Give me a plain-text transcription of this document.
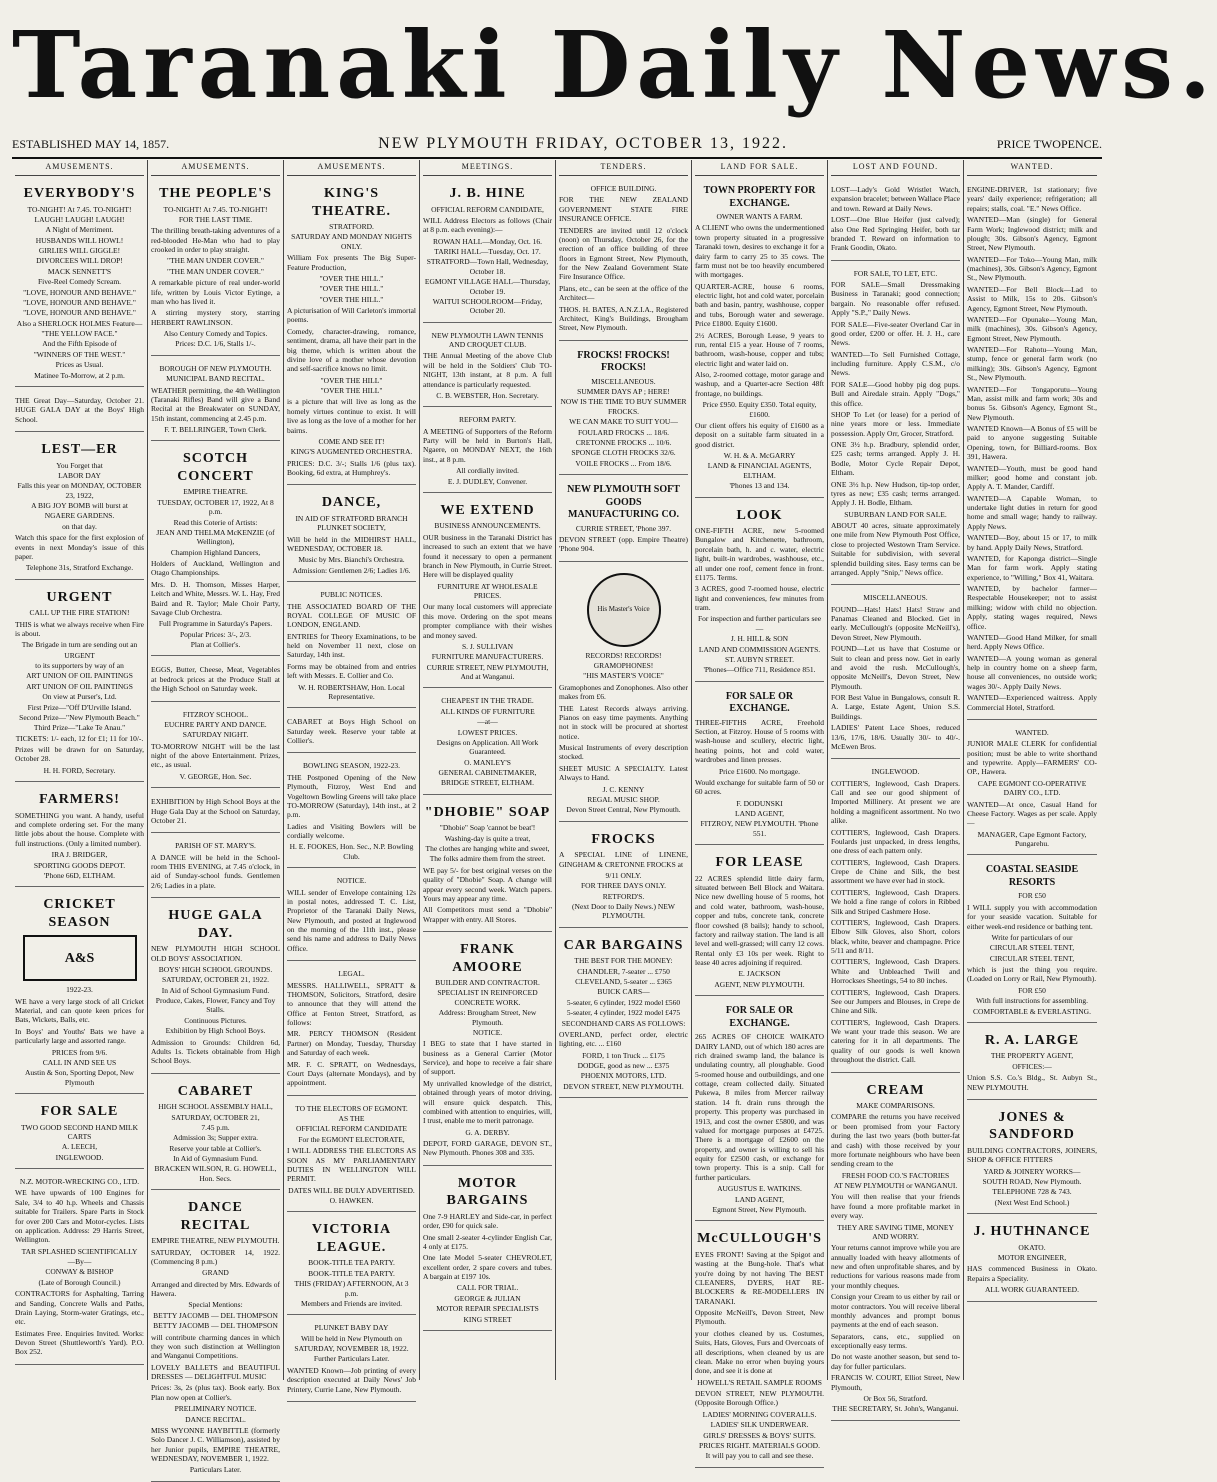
Taranaki Daily News.
ESTABLISHED MAY 14, 1857.	NEW PLYMOUTH FRIDAY, OCTOBER 13, 1922.	PRICE TWOPENCE.
AMUSEMENTS.
EVERYBODY'S
TO-NIGHT! At 7.45. TO-NIGHT!
LAUGH! LAUGH! LAUGH!
A Night of Merriment.
HUSBANDS WILL HOWL!
GIRLIES WILL GIGGLE!
DIVORCEES WILL DROP!
MACK SENNETT'S
Five-Reel Comedy Scream.
"LOVE, HONOUR AND BEHAVE."
"LOVE, HONOUR AND BEHAVE."
"LOVE, HONOUR AND BEHAVE."
Also a SHERLOCK HOLMES Feature—
"THE YELLOW FACE."
And the Fifth Episode of
"WINNERS OF THE WEST."
Prices as Usual.
Matinee To-Morrow, at 2 p.m.
THE Great Day—Saturday, October 21. HUGE GALA DAY at the Boys' High School.
LEST—ER
You Forget that
LABOR DAY
Falls this year on MONDAY, OCTOBER 23, 1922,
A BIG JOY BOMB will burst at
NGAERE GARDENS.
on that day.
Watch this space for the first explosion of events in next Monday's issue of this paper.
Telephone 31s, Stratford Exchange.
URGENT
CALL UP THE FIRE STATION!
THIS is what we always receive when Fire is about.
The Brigade in turn are sending out an
URGENT
to its supporters by way of an
ART UNION OF OIL PAINTINGS
ART UNION OF OIL PAINTINGS
On view at Purser's, Ltd.
First Prize—"Off D'Urville Island.
Second Prize—"New Plymouth Beach."
Third Prize—"Lake Te Anau."
TICKETS: 1/- each, 12 for £1; 11 for 10/-.
Prizes will be drawn for on Saturday, October 28.
H. H. FORD, Secretary.
FARMERS!
SOMETHING you want. A handy, useful and complete ordering set. For the many little jobs about the house. Complete with full instructions. (Only a limited number).
IRA J. BRIDGER,
SPORTING GOODS DEPOT.
'Phone 66D, ELTHAM.
CRICKET SEASON
A&S
1922-23.
WE have a very large stock of all Cricket Material, and can quote keen prices for Bats, Wickets, Balls, etc.
In Boys' and Youths' Bats we have a particularly large and assorted range.
PRICES from 9/6.
CALL IN AND SEE US
Austin & Son, Sporting Depot, New Plymouth
FOR SALE
TWO GOOD SECOND HAND MILK CARTS
A. LEECH,
INGLEWOOD.
N.Z. MOTOR-WRECKING CO., LTD.
WE have upwards of 100 Engines for Sale, 3/4 to 40 h.p. Wheels and Chassis suitable for Trailers. Spare Parts in Stock for over 200 Cars and Motor-cycles. Lists on application. Address: 29 Harris Street, Wellington.
TAR SPLASHED SCIENTIFICALLY
—By—
CONWAY & BISHOP
(Late of Borough Council.)
CONTRACTORS for Asphalting, Tarring and Sanding, Concrete Walls and Paths, Drain Laying, Storm-water Gratings, etc., etc.
Estimates Free. Enquiries Invited. Works: Devon Street (Shuttleworth's Yard). P.O. Box 252.
AMUSEMENTS.
THE PEOPLE'S
TO-NIGHT! At 7.45. TO-NIGHT!
FOR THE LAST TIME.
The thrilling breath-taking adventures of a red-blooded He-Man who had to play crooked in order to play straight.
"THE MAN UNDER COVER."
"THE MAN UNDER COVER."
A remarkable picture of real under-world life, written by Louis Victor Eytinge, a man who has lived it.
A stirring mystery story, starring HERBERT RAWLINSON.
Also Century Comedy and Topics.
Prices: D.C. 1/6, Stalls 1/-.
BOROUGH OF NEW PLYMOUTH.
MUNICIPAL BAND RECITAL.
WEATHER permitting, the 4th Wellington (Taranaki Rifles) Band will give a Band Recital at the Breakwater on SUNDAY, 15th instant, commencing at 2.45 p.m.
F. T. BELLRINGER, Town Clerk.
SCOTCH CONCERT
EMPIRE THEATRE.
TUESDAY, OCTOBER 17, 1922, At 8 p.m.
Read this Coterie of Artists:
JEAN AND THELMA McKENZIE (of Wellington),
Champion Highland Dancers,
Holders of Auckland, Wellington and Otago Championships.
Mrs. D. H. Thomson, Misses Harper, Leitch and White, Messrs. W. L. Hay, Fred Baird and R. Taylor; Male Choir Party, Savage Club Orchestra.
Full Programme in Saturday's Papers.
Popular Prices: 3/-, 2/3.
Plan at Collier's.
EGGS, Butter, Cheese, Meat, Vegetables at bedrock prices at the Produce Stall at the High School on Saturday week.
FITZROY SCHOOL.
EUCHRE PARTY AND DANCE.
SATURDAY NIGHT.
TO-MORROW NIGHT will be the last night of the above Entertainment. Prizes, etc., as usual.
V. GEORGE, Hon. Sec.
EXHIBITION by High School Boys at the Huge Gala Day at the School on Saturday, October 21.
PARISH OF ST. MARY'S.
A DANCE will be held in the School-room THIS EVENING, at 7.45 o'clock, in aid of Sunday-school funds. Gentlemen 2/6; Ladies in a plate.
HUGE GALA DAY.
NEW PLYMOUTH HIGH SCHOOL OLD BOYS' ASSOCIATION.
BOYS' HIGH SCHOOL GROUNDS.
SATURDAY, OCTOBER 21, 1922.
In Aid of School Gymnasium Fund.
Produce, Cakes, Flower, Fancy and Toy Stalls.
Continuous Pictures.
Exhibition by High School Boys.
Admission to Grounds: Children 6d, Adults 1s. Tickets obtainable from High School Boys.
CABARET
HIGH SCHOOL ASSEMBLY HALL,
SATURDAY, OCTOBER 21,
7.45 p.m.
Admission 3s; Supper extra.
Reserve your table at Collier's.
In Aid of Gymnasium Fund.
BRACKEN WILSON, R. G. HOWELL, Hon. Secs.
DANCE RECITAL
EMPIRE THEATRE, NEW PLYMOUTH.
SATURDAY, OCTOBER 14, 1922. (Commencing 8 p.m.)
GRAND
Arranged and directed by Mrs. Edwards of Hawera.
Special Mentions:
BETTY JACOMB — DEL THOMPSON
BETTY JACOMB — DEL THOMPSON
will contribute charming dances in which they won such distinction at Wellington and Wanganui Competitions.
LOVELY BALLETS and BEAUTIFUL DRESSES — DELIGHTFUL MUSIC
Prices: 3s, 2s (plus tax). Book early. Box Plan now open at Collier's.
PRELIMINARY NOTICE.
DANCE RECITAL.
MISS WYONNE HAYBITTLE (formerly Solo Dancer J. C. Williamson), assisted by her Junior pupils, EMPIRE THEATRE, WEDNESDAY, NOVEMBER 1, 1922.
Particulars Later.
AMUSEMENTS.
KING'S THEATRE.
STRATFORD.
SATURDAY AND MONDAY NIGHTS ONLY.
William Fox presents The Big Super-Feature Production,
"OVER THE HILL."
"OVER THE HILL."
"OVER THE HILL."
A picturisation of Will Carleton's immortal poems.
Comedy, character-drawing, romance, sentiment, drama, all have their part in the big theme, which is written about the divine love of a mother whose devotion and self-sacrifice knows no limit.
"OVER THE HILL"
"OVER THE HILL"
is a picture that will live as long as the homely virtues continue to exist. It will live as long as the love of a mother for her bairns.
COME AND SEE IT!
KING'S AUGMENTED ORCHESTRA.
PRICES: D.C. 3/-; Stalls 1/6 (plus tax). Booking, 6d extra, at Humphrey's.
DANCE,
IN AID OF STRATFORD BRANCH PLUNKET SOCIETY,
Will be held in the MIDHIRST HALL, WEDNESDAY, OCTOBER 18.
Music by Mrs. Bianchi's Orchestra.
Admission: Gentlemen 2/6; Ladies 1/6.
PUBLIC NOTICES.
THE ASSOCIATED BOARD OF THE ROYAL COLLEGE OF MUSIC OF LONDON, ENGLAND.
ENTRIES for Theory Examinations, to be held on November 11 next, close on Saturday, 14th inst.
Forms may be obtained from and entries left with Messrs. E. Collier and Co.
W. H. ROBERTSHAW, Hon. Local Representative.
CABARET at Boys High School on Saturday week. Reserve your table at Collier's.
BOWLING SEASON, 1922-23.
THE Postponed Opening of the New Plymouth, Fitzroy, West End and Vogeltown Bowling Greens will take place TO-MORROW (Saturday), 14th inst., at 2 p.m.
Ladies and Visiting Bowlers will be cordially welcome.
H. E. FOOKES, Hon. Sec., N.P. Bowling Club.
NOTICE.
WILL sender of Envelope containing 12s in postal notes, addressed T. C. List, Proprietor of the Taranaki Daily News, New Plymouth, and posted at Inglewood on the morning of the 11th inst., please send his name and address to Daily News Office.
LEGAL.
MESSRS. HALLIWELL, SPRATT & THOMSON, Solicitors, Stratford, desire to announce that they will attend the Office at Fenton Street, Stratford, as follows:
MR. PERCY THOMSON (Resident Partner) on Monday, Tuesday, Thursday and Saturday of each week.
MR. F. C. SPRATT, on Wednesdays, Court Days (alternate Mondays), and by appointment.
TO THE ELECTORS OF EGMONT.
AS THE
OFFICIAL REFORM CANDIDATE
For the EGMONT ELECTORATE,
I WILL ADDRESS THE ELECTORS AS SOON AS MY PARLIAMENTARY DUTIES IN WELLINGTON WILL PERMIT.
DATES WILL BE DULY ADVERTISED.
O. HAWKEN.
VICTORIA LEAGUE.
BOOK-TITLE TEA PARTY.
BOOK-TITLE TEA PARTY.
THIS (FRIDAY) AFTERNOON, At 3 p.m.
Members and Friends are invited.
PLUNKET BABY DAY
Will be held in New Plymouth on
SATURDAY, NOVEMBER 18, 1922.
Further Particulars Later.
WANTED Known—Job printing of every description executed at Daily News' Job Printery, Currie Lane, New Plymouth.
MEETINGS.
J. B. HINE
OFFICIAL REFORM CANDIDATE,
WILL Address Electors as follows (Chair at 8 p.m. each evening):—
ROWAN HALL—Monday, Oct. 16.
TARIKI HALL—Tuesday, Oct. 17.
STRATFORD—Town Hall, Wednesday, October 18.
EGMONT VILLAGE HALL—Thursday, October 19.
WAITUI SCHOOLROOM—Friday, October 20.
NEW PLYMOUTH LAWN TENNIS AND CROQUET CLUB.
THE Annual Meeting of the above Club will be held in the Soldiers' Club TO-NIGHT, 13th instant, at 8 p.m. A full attendance is particularly requested.
C. B. WEBSTER, Hon. Secretary.
REFORM PARTY.
A MEETING of Supporters of the Reform Party will be held in Burton's Hall, Ngaere, on MONDAY NEXT, the 16th inst., at 8 p.m.
All cordially invited.
E. J. DUDLEY, Convener.
WE EXTEND
BUSINESS ANNOUNCEMENTS.
OUR business in the Taranaki District has increased to such an extent that we have found it necessary to open a permanent branch in New Plymouth, in Currie Street. Here will be displayed quality
FURNITURE AT WHOLESALE PRICES.
Our many local customers will appreciate this move. Ordering on the spot means prompter compliance with their wishes and money saved.
S. J. SULLIVAN
FURNITURE MANUFACTURERS.
CURRIE STREET, NEW PLYMOUTH, And at Wanganui.
CHEAPEST IN THE TRADE.
ALL KINDS OF FURNITURE
—at—
LOWEST PRICES.
Designs on Application. All Work Guaranteed.
O. MANLEY'S
GENERAL CABINETMAKER,
BRIDGE STREET, ELTHAM.
"DHOBIE" SOAP
"Dhobie" Soap 'cannot be beat'!
Washing-day is quite a treat,
The clothes are hanging white and sweet,
The folks admire them from the street.
WE pay 5/- for best original verses on the quality of "Dhobie" Soap. A change will appear every second week. Watch papers. Yours may appear any time.
All Competitors must send a "Dhobie" Wrapper with entry. All Stores.
FRANK AMOORE
BUILDER AND CONTRACTOR.
SPECIALIST IN REINFORCED CONCRETE WORK.
Address: Brougham Street, New Plymouth.
NOTICE.
I BEG to state that I have started in business as a General Carrier (Motor Service), and hope to receive a fair share of support.
My unrivalled knowledge of the district, obtained through years of motor driving, will ensure quick despatch. This, combined with attention to enquiries, will, I trust, enable me to merit patronage.
G. A. DERBY.
DEPOT, FORD GARAGE, DEVON ST., New Plymouth. Phones 308 and 335.
MOTOR BARGAINS
One 7-9 HARLEY and Side-car, in perfect order, £90 for quick sale.
One small 2-seater 4-cylinder English Car, 4 only at £175.
One late Model 5-seater CHEVROLET, excellent order, 2 spare covers and tubes. A bargain at £197 10s.
CALL FOR TRIAL.
GEORGE & JULIAN
MOTOR REPAIR SPECIALISTS
KING STREET
TENDERS.
OFFICE BUILDING.
FOR THE NEW ZEALAND GOVERNMENT STATE FIRE INSURANCE OFFICE.
TENDERS are invited until 12 o'clock (noon) on Thursday, October 26, for the erection of an office building of three floors in Egmont Street, New Plymouth, for the New Zealand Government State Fire Insurance Office.
Plans, etc., can be seen at the office of the Architect—
THOS. H. BATES, A.N.Z.I.A., Registered Architect, King's Buildings, Brougham Street, New Plymouth.
FROCKS! FROCKS! FROCKS!
MISCELLANEOUS.
SUMMER DAYS AP ; HERE!
NOW IS THE TIME TO BUY SUMMER FROCKS.
WE CAN MAKE TO SUIT YOU—
FOULARD FROCKS ... 18/6.
CRETONNE FROCKS ... 10/6.
SPONGE CLOTH FROCKS 32/6.
VOILE FROCKS ... From 18/6.
NEW PLYMOUTH SOFT GOODS MANUFACTURING CO.
CURRIE STREET, 'Phone 397.
DEVON STREET (opp. Empire Theatre) 'Phone 904.
His Master's Voice
RECORDS! RECORDS!
GRAMOPHONES!
"HIS MASTER'S VOICE"
Gramophones and Zonophones. Also other makes from £6.
THE Latest Records always arriving. Pianos on easy time payments. Anything not in stock will be procured at shortest notice.
Musical Instruments of every description stocked.
SHEET MUSIC A SPECIALTY. Latest Always to Hand.
J. C. KENNY
REGAL MUSIC SHOP.
Devon Street Central, New Plymouth.
FROCKS
A SPECIAL LINE of LINENE, GINGHAM & CRETONNE FROCKS at
9/11 ONLY.
FOR THREE DAYS ONLY.
RETFORD'S.
(Next Door to Daily News.) NEW PLYMOUTH.
CAR BARGAINS
THE BEST FOR THE MONEY:
CHANDLER, 7-seater ... £750
CLEVELAND, 5-seater ... £365
BUICK CARS—
5-seater, 6 cylinder, 1922 model £560
5-seater, 4 cylinder, 1922 model £475
SECONDHAND CARS AS FOLLOWS:
OVERLAND, perfect order, electric lighting, etc. ... £160
FORD, 1 ton Truck ... £175
DODGE, good as new ... £375
PHOENIX MOTORS, LTD.
DEVON STREET, NEW PLYMOUTH.
LAND FOR SALE.
TOWN PROPERTY FOR EXCHANGE.
OWNER WANTS A FARM.
A CLIENT who owns the undermentioned town property situated in a progressive Taranaki town, desires to exchange it for a dairy farm to carry 25 to 35 cows. The farm must not be too heavily encumbered with mortgages.
QUARTER-ACRE, house 6 rooms, electric light, hot and cold water, porcelain bath and basin, pantry, washhouse, copper and tubs, Borough water and sewerage. Price £1800. Equity £1600.
2½ ACRES, Borough Lease, 9 years to run, rental £15 a year. House of 7 rooms, bathroom, wash-house, copper and tubs; electric light and water laid on.
Also, 2-roomed cottage, motor garage and washup, and a Quarter-acre Section 48ft frontage, no buildings.
Price £950. Equity £350. Total equity, £1600.
Our client offers his equity of £1600 as a deposit on a suitable farm situated in a good district.
W. H. & A. McGARRY
LAND & FINANCIAL AGENTS, ELTHAM.
'Phones 13 and 134.
LOOK
ONE-FIFTH ACRE, new 5-roomed Bungalow and Kitchenette, bathroom, porcelain bath, h. and c. water, electric light, built-in wardrobes, washhouse, etc., all under one roof, cement fence in front. £1175. Terms.
3 ACRES, good 7-roomed house, electric light and conveniences, few minutes from tram.
For inspection and further particulars see—
J. H. HILL & SON
LAND AND COMMISSION AGENTS.
ST. AUBYN STREET.
'Phones—Office 711, Residence 851.
FOR SALE OR EXCHANGE.
THREE-FIFTHS ACRE, Freehold Section, at Fitzroy. House of 5 rooms with wash-house and scullery, electric light, heating points, hot and cold water, wardrobes and linen presses.
Price £1600. No mortgage.
Would exchange for suitable farm of 50 or 60 acres.
F. DODUNSKI
LAND AGENT,
FITZROY, NEW PLYMOUTH. 'Phone 551.
FOR LEASE
22 ACRES splendid little dairy farm, situated between Bell Block and Waitara. Nice new dwelling house of 5 rooms, hot and cold water, bathroom, wash-house, copper and tubs, concrete tank, concrete floor cowshed (8 bails); handy to school, factory and railway station. The land is all level and well-grassed; will carry 12 cows. Rental only £3 10s per week. Right to lease 40 acres adjoining if required.
E. JACKSON
AGENT, NEW PLYMOUTH.
FOR SALE OR EXCHANGE.
265 ACRES OF CHOICE WAIKATO DAIRY LAND, out of which 180 acres are rich drained swamp land, the balance is undulating country, all ploughable. Good 5-roomed house and outbuildings, and one cottage, cream collected daily. Situated Pukewa, 8 miles from Mercer railway station. 14 ft. drain runs through the property. This property was purchased in 1913, and cost the owner £5800, and was valued for mortgage purposes at £4725. There is a mortgage of £2600 on the property, and owner is willing to sell his equity for £2500 cash, or exchange for town property. This is a snip. Call for further particulars.
AUGUSTUS E. WATKINS.
LAND AGENT,
Egmont Street, New Plymouth.
McCULLOUGH'S
EYES FRONT! Saving at the Spigot and wasting at the Bung-hole. That's what you're doing by not having The BEST CLEANERS, DYERS, HAT RE-BLOCKERS & RE-MODELLERS IN TARANAKI.
Opposite McNeill's, Devon Street, New Plymouth.
your clothes cleaned by us. Costumes, Suits, Hats, Gloves, Furs and Overcoats of all descriptions, when cleaned by us are clean. Make no error when buying yours done, and see it is done at
HOWELL'S RETAIL SAMPLE ROOMS
DEVON STREET, NEW PLYMOUTH. (Opposite Borough Office.)
LADIES' MORNING COVERALLS.
LADIES' SILK UNDERWEAR.
GIRLS' DRESSES & BOYS' SUITS.
PRICES RIGHT. MATERIALS GOOD.
It will pay you to call and see these.
LOST AND FOUND.
LOST—Lady's Gold Wristlet Watch, expansion bracelet; between Wallace Place and town. Reward at Daily News.
LOST—One Blue Heifer (just calved); also One Red Springing Heifer, both tar branded T. Reward on information to Frank Goodin, Okato.
FOR SALE, TO LET, ETC.
FOR SALE—Small Dressmaking Business in Taranaki; good connection; bargain. No reasonable offer refused. Apply "S.P.," Daily News.
FOR SALE—Five-seater Overland Car in good order, £200 or offer. H. J. H., care News.
WANTED—To Sell Furnished Cottage, including furniture. Apply C.S.M., c/o News.
FOR SALE—Good hobby pig dog pups. Bull and Airedale strain. Apply "Dogs," this office.
SHOP To Let (or lease) for a period of nine years more or less. Immediate possession. Apply Orr, Grocer, Stratford.
ONE 3½ h.p. Bradbury, splendid order, £25 cash; terms arranged. Apply J. H. Bodle, Motor Cycle Repair Depot, Eltham.
ONE 3½ h.p. New Hudson, tip-top order, tyres as new; £35 cash; terms arranged. Apply J. H. Bodle, Eltham.
SUBURBAN LAND FOR SALE.
ABOUT 40 acres, situate approximately one mile from New Plymouth Post Office, close to projected Westown Tram Service. Suitable for subdivision, with several splendid building sites. Easy terms can be arranged. Apply "Snip," News office.
MISCELLANEOUS.
FOUND—Hats! Hats! Hats! Straw and Panamas Cleaned and Blocked. Get in early. McCullough's (opposite McNeill's), Devon Street, New Plymouth.
FOUND—Let us have that Costume or Suit to clean and press now. Get in early and avoid the rush. McCullough's, opposite McNeill's, Devon Street, New Plymouth.
FOR Best Value in Bungalows, consult R. A. Large, Estate Agent, Union S.S. Buildings.
LADIES' Patent Lace Shoes, reduced 13/6, 17/6, 18/6. Usually 30/- to 40/-. McEwen Bros.
INGLEWOOD.
COTTIER'S, Inglewood, Cash Drapers. Call and see our good shipment of Imported Millinery. At present we are holding a magnificent assortment. No two alike.
COTTIER'S, Inglewood, Cash Drapers. Foulards just unpacked, in dress lengths, one dress of each pattern only.
COTTIER'S, Inglewood, Cash Drapers. Crepe de Chine and Silk, the best assortment we have ever had in stock.
COTTIER'S, Inglewood, Cash Drapers. We hold a fine range of colors in Ribbed Silk and Striped Cashmere Hose.
COTTIER'S, Inglewood, Cash Drapers. Elbow Silk Gloves, also Short, colors black, white, beaver and champagne. Price 5/11 and 8/11.
COTTIER'S, Inglewood, Cash Drapers. White and Unbleached Twill and Horrockses Sheetings, 54 to 80 inches.
COTTIER'S, Inglewood, Cash Drapers. See our Jumpers and Blouses, in Crepe de Chine and Silk.
COTTIER'S, Inglewood, Cash Drapers. We want your trade this season. We are catering for it in all departments. The quality of our goods is well known throughout the district. Call.
CREAM
MAKE COMPARISONS.
COMPARE the returns you have received or been promised from your Factory during the last two years (both butter-fat and cash) with those received by your more fortunate neighbours who have been sending cream to the
FRESH FOOD CO.'S FACTORIES
AT NEW PLYMOUTH or WANGANUI.
You will then realise that your friends have found a more profitable market in every way.
THEY ARE SAVING TIME, MONEY AND WORRY.
Your returns cannot improve while you are annually loaded with heavy allotments of new and often unprofitable shares, and by reductions for various reasons made from your monthly cheques.
Consign your Cream to us either by rail or motor contractors. You will receive liberal monthly advances and prompt bonus payments at the end of each season.
Separators, cans, etc., supplied on exceptionally easy terms.
Do not waste another season, but send to-day for fuller particulars.
FRANCIS W. COURT, Elliot Street, New Plymouth,
Or Box 56, Stratford.
THE SECRETARY, St. John's, Wanganui.
WANTED.
ENGINE-DRIVER, 1st stationary; five years' daily experience; refrigeration; all repairs; stalls, coal. "E." News Office.
WANTED—Man (single) for General Farm Work; Inglewood district; milk and plough; 30s. Gibson's Agency, Egmont Street, New Plymouth.
WANTED—For Toko—Young Man, milk (machines), 30s. Gibson's Agency, Egmont St., New Plymouth.
WANTED—For Bell Block—Lad to Assist to Milk, 15s to 20s. Gibson's Agency, Egmont Street, New Plymouth.
WANTED—For Opunake—Young Man, milk (machines), 30s. Gibson's Agency, Egmont Street, New Plymouth.
WANTED—For Rahotu—Young Man, stump, fence or general farm work (no milking); 30s. Gibson's Agency, Egmont St., New Plymouth.
WANTED—For Tongaporutu—Young Man, assist milk and farm work; 30s and bonus 5s. Gibson's Agency, Egmont St., New Plymouth.
WANTED Known—A Bonus of £5 will be paid to anyone suggesting Suitable Opening, town, for Billiard-rooms. Box 391, Hawera.
WANTED—Youth, must be good hand milker; good home and constant job. Apply A. T. Mander, Cardiff.
WANTED—A Capable Woman, to undertake light duties in return for good home and small wage; handy to railway. Apply News.
WANTED—Boy, about 15 or 17, to milk by hand. Apply Daily News, Stratford.
WANTED, for Kaponga district—Single Man for farm work. Apply stating experience, to "Willing," Box 41, Waitara.
WANTED, by bachelor farmer—Respectable Housekeeper; not to assist milking; widow with child no objection. Apply, stating wages required, News office.
WANTED—Good Hand Milker, for small herd. Apply News Office.
WANTED—A young woman as general help in country home on a sheep farm, house all conveniences, no outside work; wages 30/-. Apply Daily News.
WANTED—Experienced waitress. Apply Commercial Hotel, Stratford.
WANTED.
JUNIOR MALE CLERK for confidential position; must be able to write shorthand and typewrite. Apply—FARMERS' CO-OP., Hawera.
CAPE EGMONT CO-OPERATIVE DAIRY CO., LTD.
WANTED—At once, Casual Hand for Cheese Factory. Wages as per scale. Apply—
MANAGER, Cape Egmont Factory, Pungarehu.
COASTAL SEASIDE RESORTS
FOR £50
I WILL supply you with accommodation for your seaside vacation. Suitable for either week-end residence or bathing tent.
Write for particulars of our
CIRCULAR STEEL TENT,
CIRCULAR STEEL TENT,
which is just the thing you require. (Loaded on Lorry or Rail, New Plymouth).
FOR £50
With full instructions for assembling.
COMFORTABLE & EVERLASTING.
R. A. LARGE
THE PROPERTY AGENT,
OFFICES:—
Union S.S. Co.'s Bldg., St. Aubyn St., NEW PLYMOUTH.
JONES & SANDFORD
BUILDING CONTRACTORS, JOINERS, SHOP & OFFICE FITTERS
YARD & JOINERY WORKS—
SOUTH ROAD, New Plymouth.
TELEPHONE 728 & 743.
(Next West End School.)
J. HUTHNANCE
OKATO.
MOTOR ENGINEER,
HAS commenced Business in Okato. Repairs a Speciality.
ALL WORK GUARANTEED.
